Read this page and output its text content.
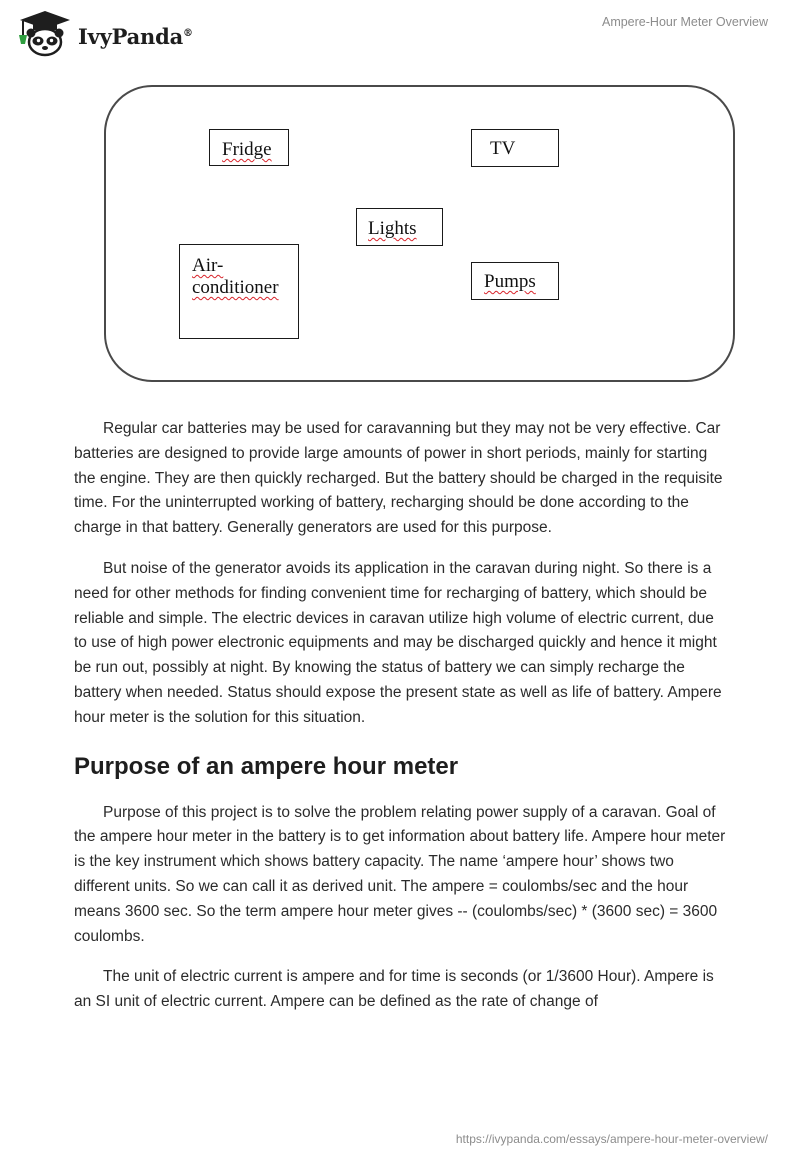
IvyPanda®
Ampere-Hour Meter Overview
Fridge	TV
Lights
Air-
conditioner	Pumps

Regular car batteries may be used for caravanning but they may not be very effective. Car batteries are designed to provide large amounts of power in short periods, mainly for starting the engine. They are then quickly recharged. But the battery should be charged in the requisite time. For the uninterrupted working of battery, recharging should be done according to the charge in that battery. Generally generators are used for this purpose.

But noise of the generator avoids its application in the caravan during night. So there is a need for other methods for finding convenient time for recharging of battery, which should be reliable and simple. The electric devices in caravan utilize high volume of electric current, due to use of high power electronic equipments and may be discharged quickly and hence it might be run out, possibly at night. By knowing the status of battery we can simply recharge the battery when needed. Status should expose the present state as well as life of battery. Ampere hour meter is the solution for this situation.

Purpose of an ampere hour meter

Purpose of this project is to solve the problem relating power supply of a caravan. Goal of the ampere hour meter in the battery is to get information about battery life. Ampere hour meter is the key instrument which shows battery capacity. The name ‘ampere hour’ shows two different units. So we can call it as derived unit. The ampere = coulombs/sec and the hour means 3600 sec. So the term ampere hour meter gives -- (coulombs/sec) * (3600 sec) = 3600 coulombs.

The unit of electric current is ampere and for time is seconds (or 1/3600 Hour). Ampere is an SI unit of electric current. Ampere can be defined as the rate of change of

https://ivypanda.com/essays/ampere-hour-meter-overview/
